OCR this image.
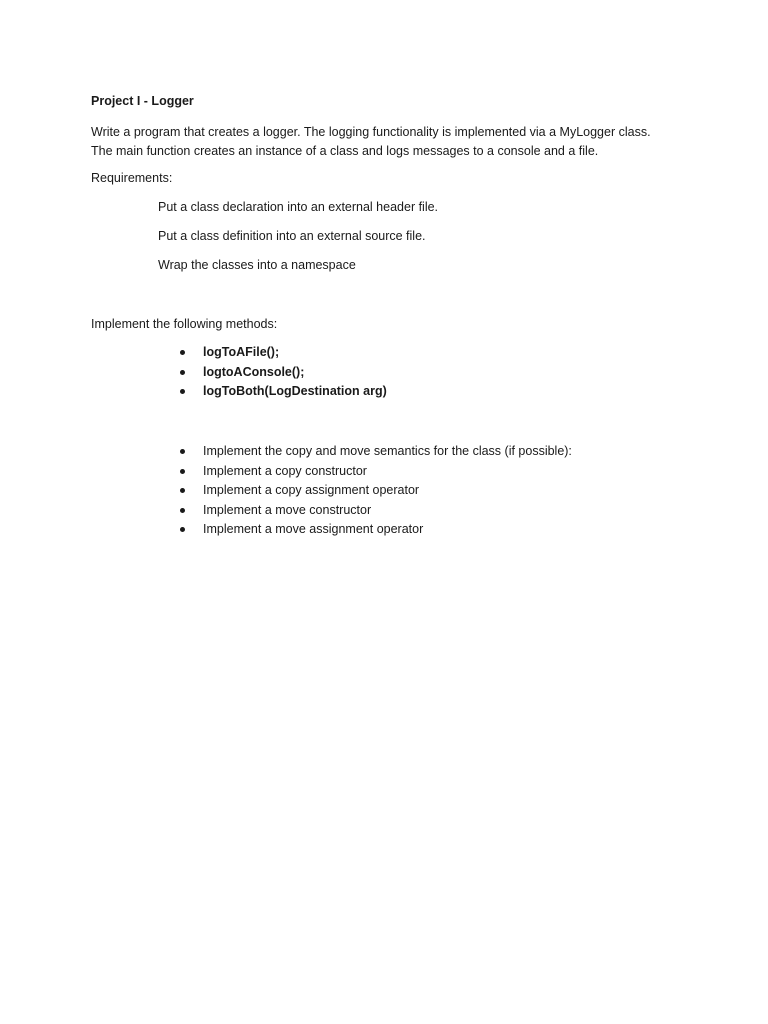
Project I - Logger

Write a program that creates a logger. The logging functionality is implemented via a MyLogger class.

The main function creates an instance of a class and logs messages to a console and a file.

Requirements:

Put a class declaration into an external header file.

Put a class definition into an external source file.

Wrap the classes into a namespace

Implement the following methods:

logToAFile();
logtoAConsole();
logToBoth(LogDestination arg)
Implement the copy and move semantics for the class (if possible):
Implement a copy constructor
Implement a copy assignment operator
Implement a move constructor
Implement a move assignment operator
